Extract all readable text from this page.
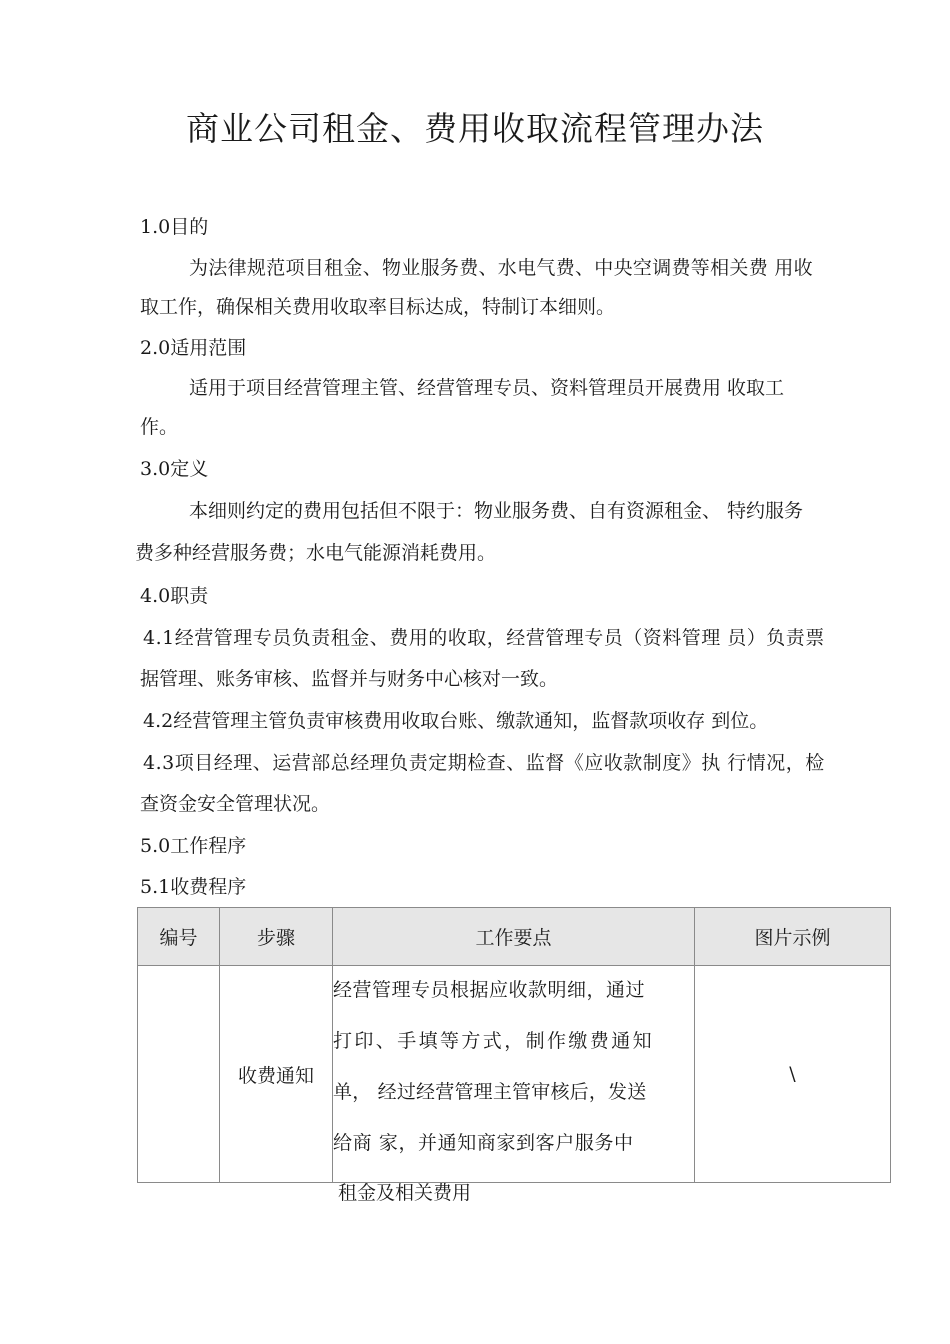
商业公司租金、费用收取流程管理办法
1.0目的
为法律规范项目租金、物业服务费、水电气费、中央空调费等相关费 用收
取工作，确保相关费用收取率目标达成，特制订本细则。
2.0适用范围
适用于项目经营管理主管、经营管理专员、资料管理员开展费用 收取工
作。
3.0定义
本细则约定的费用包括但不限于：物业服务费、自有资源租金、 特约服务
费多种经营服务费；水电气能源消耗费用。
4.0职责
4.1经营管理专员负责租金、费用的收取，经营管理专员（资料管理 员）负责票
据管理、账务审核、监督并与财务中心核对一致。
4.2经营管理主管负责审核费用收取台账、缴款通知，监督款项收存 到位。
4.3项目经理、运营部总经理负责定期检查、监督《应收款制度》执 行情况，检
查资金安全管理状况。
5.0工作程序
5.1收费程序
编号	步骤	工作要点	图片示例
	收费通知	经营管理专员根据应收款明细，通过
打印、手填等方式，制作缴费通知
单， 经过经营管理主管审核后，发送
给商 家，并通知商家到客户服务中	\
租金及相关费用
